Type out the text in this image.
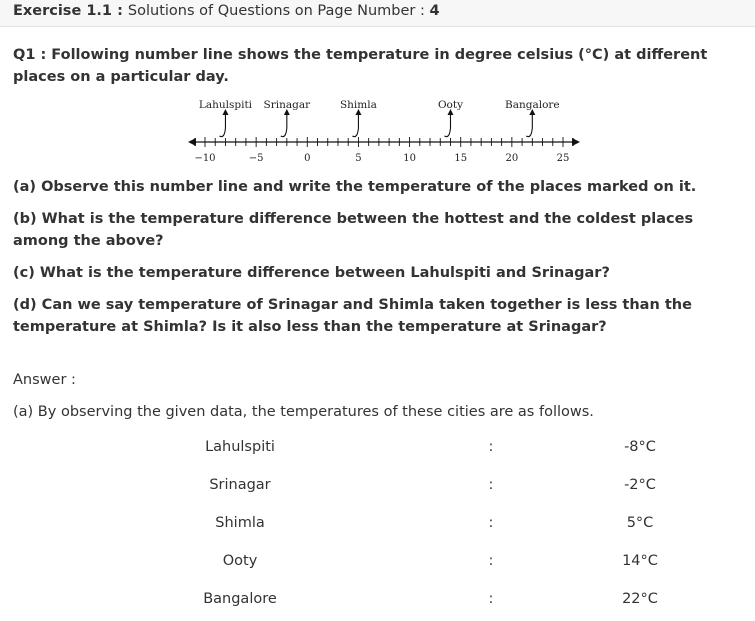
Exercise 1.1 : Solutions of Questions on Page Number : 4
Q1 : Following number line shows the temperature in degree celsius (°C) at different places on a particular day.
−10	−5	0	5	10	15	20	25
Lahulspiti Srinagar	Shimla	Ooty	Bangalore
(a) Observe this number line and write the temperature of the places marked on it.
(b) What is the temperature difference between the hottest and the coldest places among the above?
(c) What is the temperature difference between Lahulspiti and Srinagar?
(d) Can we say temperature of Srinagar and Shimla taken together is less than the temperature at Shimla? Is it also less than the temperature at Srinagar?
Answer :
(a) By observing the given data, the temperatures of these cities are as follows.
Lahulspiti	:	-8°C
Srinagar	:	-2°C
Shimla	:	5°C
Ooty	:	14°C
Bangalore	:	22°C
